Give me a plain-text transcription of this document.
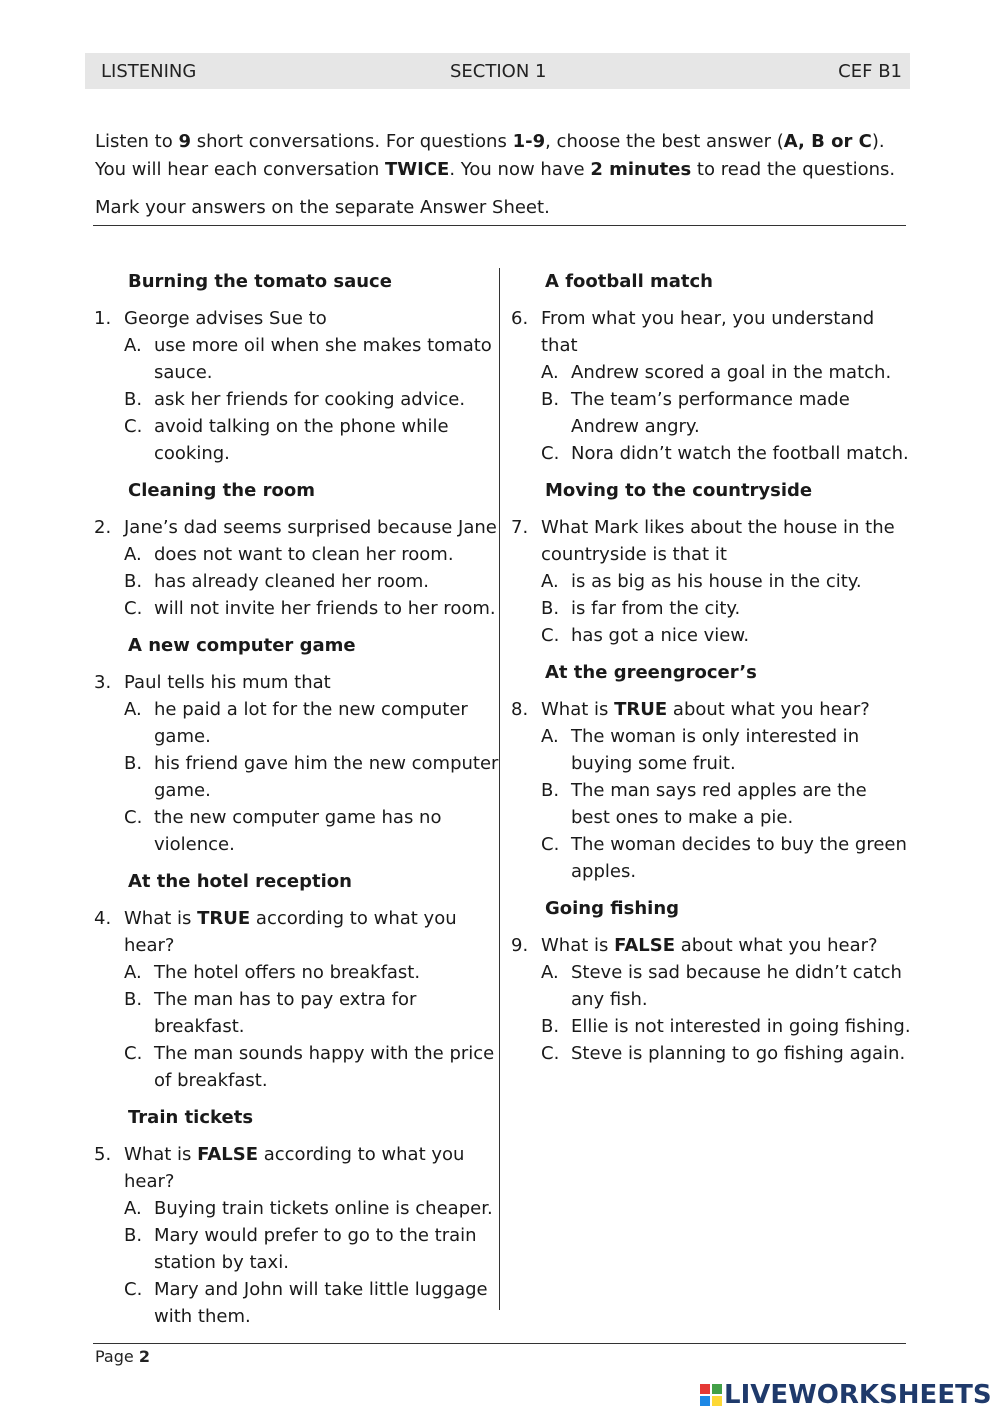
LISTENING	SECTION 1	CEF B1

Listen to 9 short conversations. For questions 1-9, choose the best answer (A, B or C).

You will hear each conversation TWICE. You now have 2 minutes to read the questions.

Mark your answers on the separate Answer Sheet.

Burning the tomato sauce
1. George advises Sue to
A. use more oil when she makes tomato sauce.
B. ask her friends for cooking advice.
C. avoid talking on the phone while cooking.
Cleaning the room
2. Jane’s dad seems surprised because Jane
A. does not want to clean her room.
B. has already cleaned her room.
C. will not invite her friends to her room.
A new computer game
3. Paul tells his mum that
A. he paid a lot for the new computer game.
B. his friend gave him the new computer game.
C. the new computer game has no violence.
At the hotel reception
4. What is TRUE according to what you hear?
A. The hotel offers no breakfast.
B. The man has to pay extra for breakfast.
C. The man sounds happy with the price of breakfast.
Train tickets
5. What is FALSE according to what you hear?
A. Buying train tickets online is cheaper.
B. Mary would prefer to go to the train station by taxi.
C. Mary and John will take little luggage with them.
A football match
6. From what you hear, you understand that
A. Andrew scored a goal in the match.
B. The team’s performance made Andrew angry.
C. Nora didn’t watch the football match.
Moving to the countryside
7. What Mark likes about the house in the countryside is that it
A. is as big as his house in the city.
B. is far from the city.
C. has got a nice view.
At the greengrocer’s
8. What is TRUE about what you hear?
A. The woman is only interested in buying some fruit.
B. The man says red apples are the best ones to make a pie.
C. The woman decides to buy the green apples.
Going fishing
9. What is FALSE about what you hear?
A. Steve is sad because he didn’t catch any fish.
B. Ellie is not interested in going fishing.
C. Steve is planning to go fishing again.
Page 2
LIVEWORKSHEETS
